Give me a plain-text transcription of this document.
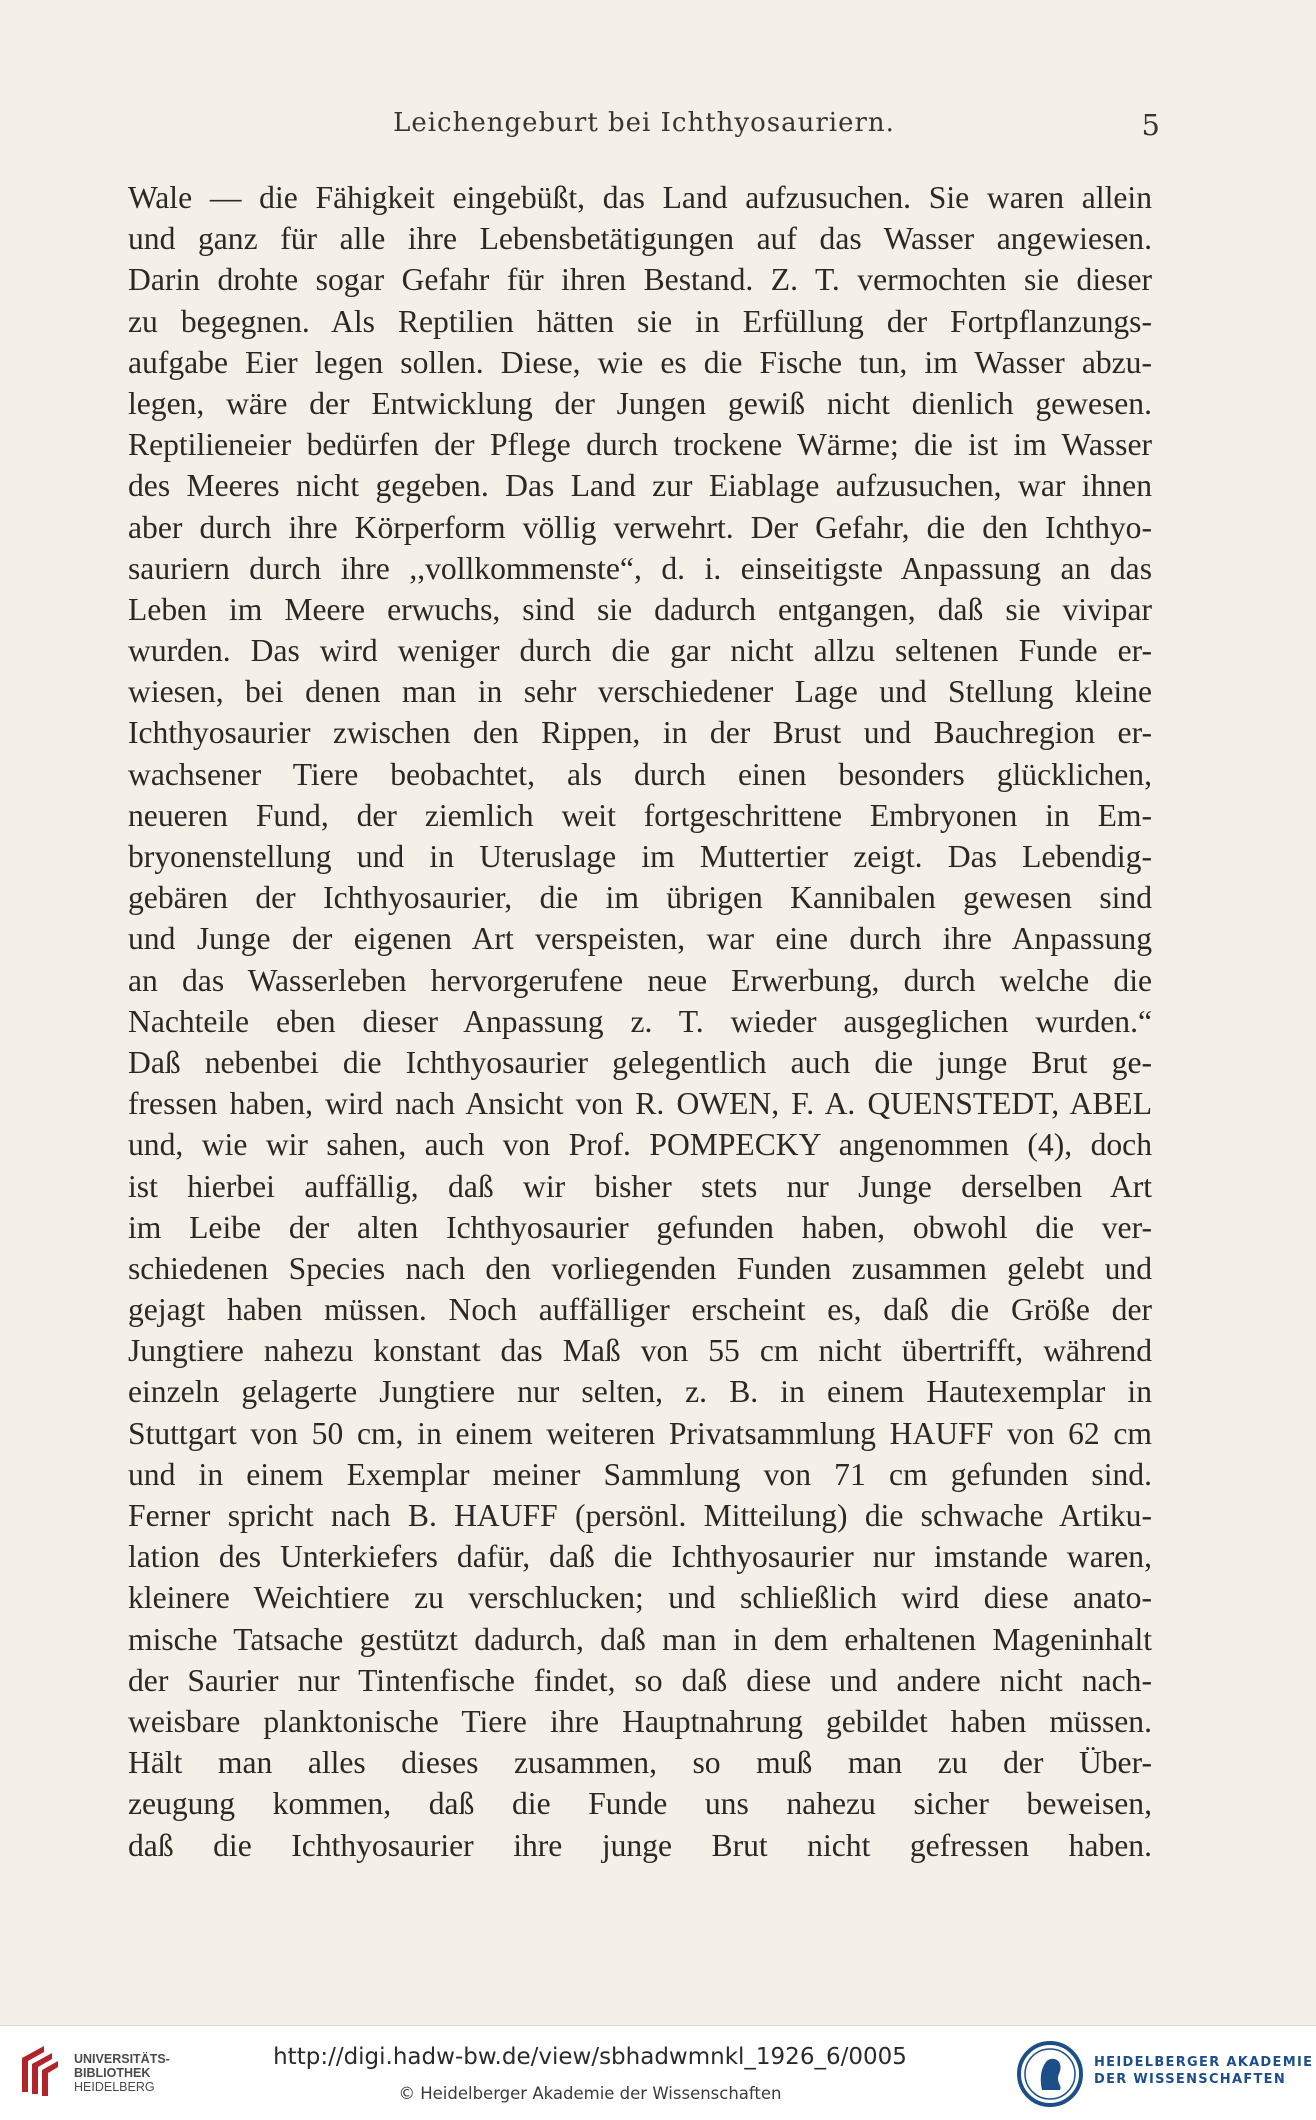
Leichengeburt bei Ichthyosauriern.	5
Wale — die Fähigkeit eingebüßt, das Land aufzusuchen. Sie waren allein
und ganz für alle ihre Lebensbetätigungen auf das Wasser angewiesen.
Darin drohte sogar Gefahr für ihren Bestand. Z. T. vermochten sie dieser
zu begegnen. Als Reptilien hätten sie in Erfüllung der Fortpflanzungs-
aufgabe Eier legen sollen. Diese, wie es die Fische tun, im Wasser abzu-
legen, wäre der Entwicklung der Jungen gewiß nicht dienlich gewesen.
Reptilieneier bedürfen der Pflege durch trockene Wärme; die ist im Wasser
des Meeres nicht gegeben. Das Land zur Eiablage aufzusuchen, war ihnen
aber durch ihre Körperform völlig verwehrt. Der Gefahr, die den Ichthyo-
sauriern durch ihre ,,vollkommenste“, d. i. einseitigste Anpassung an das
Leben im Meere erwuchs, sind sie dadurch entgangen, daß sie vivipar
wurden. Das wird weniger durch die gar nicht allzu seltenen Funde er-
wiesen, bei denen man in sehr verschiedener Lage und Stellung kleine
Ichthyosaurier zwischen den Rippen, in der Brust und Bauchregion er-
wachsener Tiere beobachtet, als durch einen besonders glücklichen,
neueren Fund, der ziemlich weit fortgeschrittene Embryonen in Em-
bryonenstellung und in Uteruslage im Muttertier zeigt. Das Lebendig-
gebären der Ichthyosaurier, die im übrigen Kannibalen gewesen sind
und Junge der eigenen Art verspeisten, war eine durch ihre Anpassung
an das Wasserleben hervorgerufene neue Erwerbung, durch welche die
Nachteile eben dieser Anpassung z. T. wieder ausgeglichen wurden.“
Daß nebenbei die Ichthyosaurier gelegentlich auch die junge Brut ge-
fressen haben, wird nach Ansicht von R. OWEN, F. A. QUENSTEDT, ABEL
und, wie wir sahen, auch von Prof. POMPECKY angenommen (4), doch
ist hierbei auffällig, daß wir bisher stets nur Junge derselben Art
im Leibe der alten Ichthyosaurier gefunden haben, obwohl die ver-
schiedenen Species nach den vorliegenden Funden zusammen gelebt und
gejagt haben müssen. Noch auffälliger erscheint es, daß die Größe der
Jungtiere nahezu konstant das Maß von 55 cm nicht übertrifft, während
einzeln gelagerte Jungtiere nur selten, z. B. in einem Hautexemplar in
Stuttgart von 50 cm, in einem weiteren Privatsammlung HAUFF von 62 cm
und in einem Exemplar meiner Sammlung von 71 cm gefunden sind.
Ferner spricht nach B. HAUFF (persönl. Mitteilung) die schwache Artiku-
lation des Unterkiefers dafür, daß die Ichthyosaurier nur imstande waren,
kleinere Weichtiere zu verschlucken; und schließlich wird diese anato-
mische Tatsache gestützt dadurch, daß man in dem erhaltenen Mageninhalt
der Saurier nur Tintenfische findet, so daß diese und andere nicht nach-
weisbare planktonische Tiere ihre Hauptnahrung gebildet haben müssen.
Hält man alles dieses zusammen, so muß man zu der Über-
zeugung kommen, daß die Funde uns nahezu sicher beweisen,
daß die Ichthyosaurier ihre junge Brut nicht gefressen haben.
UNIVERSITÄTS-
BIBLIOTHEK
HEIDELBERG
http://digi.hadw-bw.de/view/sbhadwmnkl_1926_6/0005
© Heidelberger Akademie der Wissenschaften
HEIDELBERGER AKADEMIE
DER WISSENSCHAFTEN
